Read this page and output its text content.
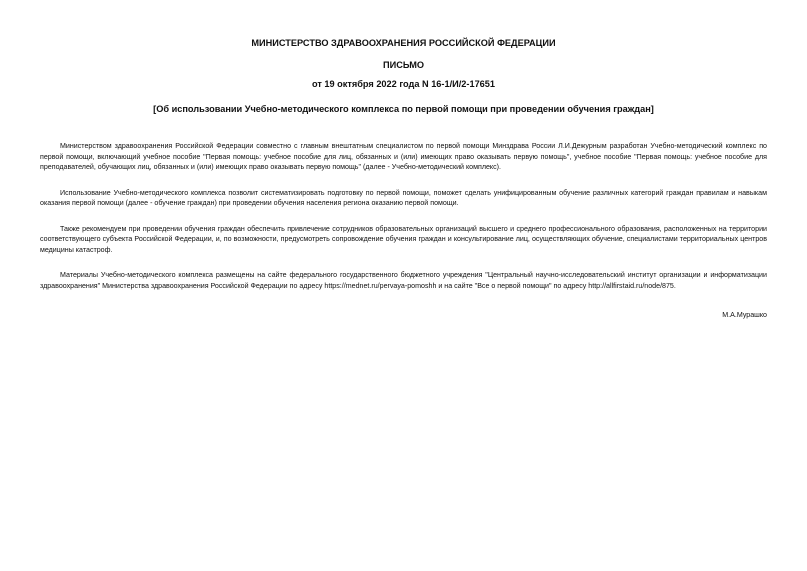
МИНИСТЕРСТВО ЗДРАВООХРАНЕНИЯ РОССИЙСКОЙ ФЕДЕРАЦИИ
ПИСЬМО
от 19 октября 2022 года N 16-1/И/2-17651
[Об использовании Учебно-методического комплекса по первой помощи при проведении обучения граждан]

Министерством здравоохранения Российской Федерации совместно с главным внештатным специалистом по первой помощи Минздрава России Л.И.Дежурным разработан Учебно-методический комплекс по первой помощи, включающий учебное пособие "Первая помощь: учебное пособие для лиц, обязанных и (или) имеющих право оказывать первую помощь", учебное пособие "Первая помощь: учебное пособие для преподавателей, обучающих лиц, обязанных и (или) имеющих право оказывать первую помощь" (далее - Учебно-методический комплекс).

Использование Учебно-методического комплекса позволит систематизировать подготовку по первой помощи, поможет сделать унифицированным обучение различных категорий граждан правилам и навыкам оказания первой помощи (далее - обучение граждан) при проведении обучения населения региона оказанию первой помощи.

Также рекомендуем при проведении обучения граждан обеспечить привлечение сотрудников образовательных организаций высшего и среднего профессионального образования, расположенных на территории соответствующего субъекта Российской Федерации, и, по возможности, предусмотреть сопровождение обучения граждан и консультирование лиц, осуществляющих обучение, специалистами территориальных центров медицины катастроф.

Материалы Учебно-методического комплекса размещены на сайте федерального государственного бюджетного учреждения "Центральный научно-исследовательский институт организации и информатизации здравоохранения" Министерства здравоохранения Российской Федерации по адресу https://mednet.ru/pervaya-pomoshh и на сайте "Все о первой помощи" по адресу http://allfirstaid.ru/node/875.

М.А.Мурашко
